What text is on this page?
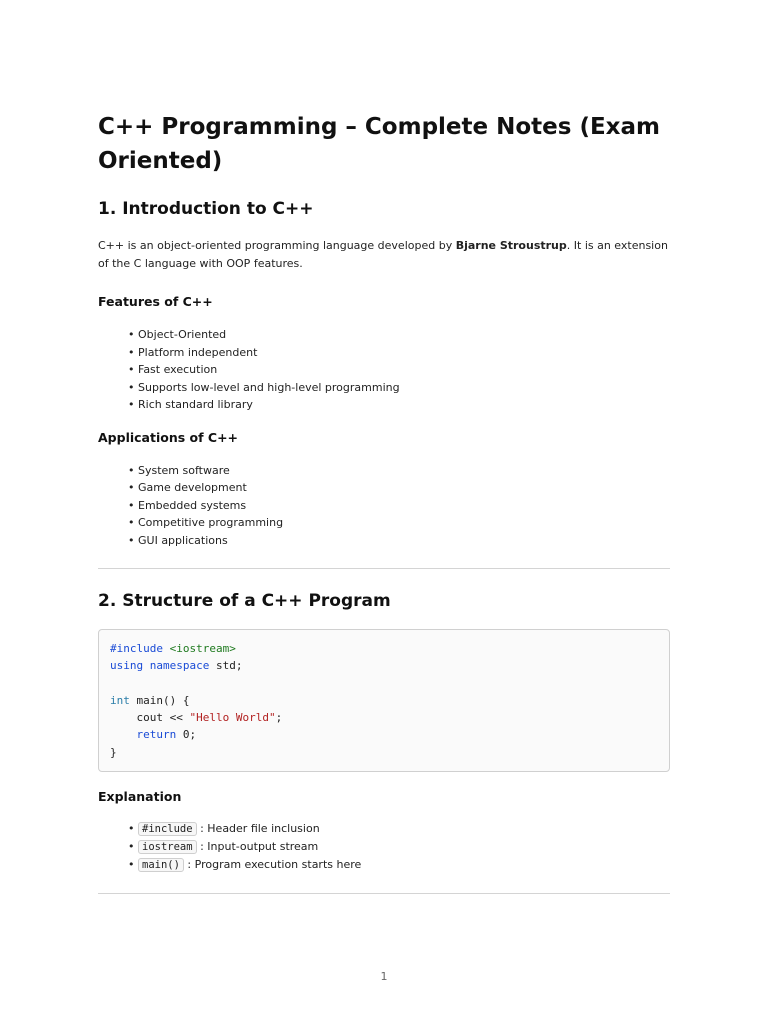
C++ Programming – Complete Notes (Exam Oriented)
1. Introduction to C++

C++ is an object-oriented programming language developed by Bjarne Stroustrup. It is an extension of the C language with OOP features.

Features of C++
• Object-Oriented
• Platform independent
• Fast execution
• Supports low-level and high-level programming
• Rich standard library
Applications of C++
• System software
• Game development
• Embedded systems
• Competitive programming
• GUI applications
2. Structure of a C++ Program
#include <iostream>
using namespace std;

int main() {
cout << "Hello World";
return 0;
}
Explanation
• #include : Header file inclusion
• iostream : Input-output stream
• main() : Program execution starts here
1
